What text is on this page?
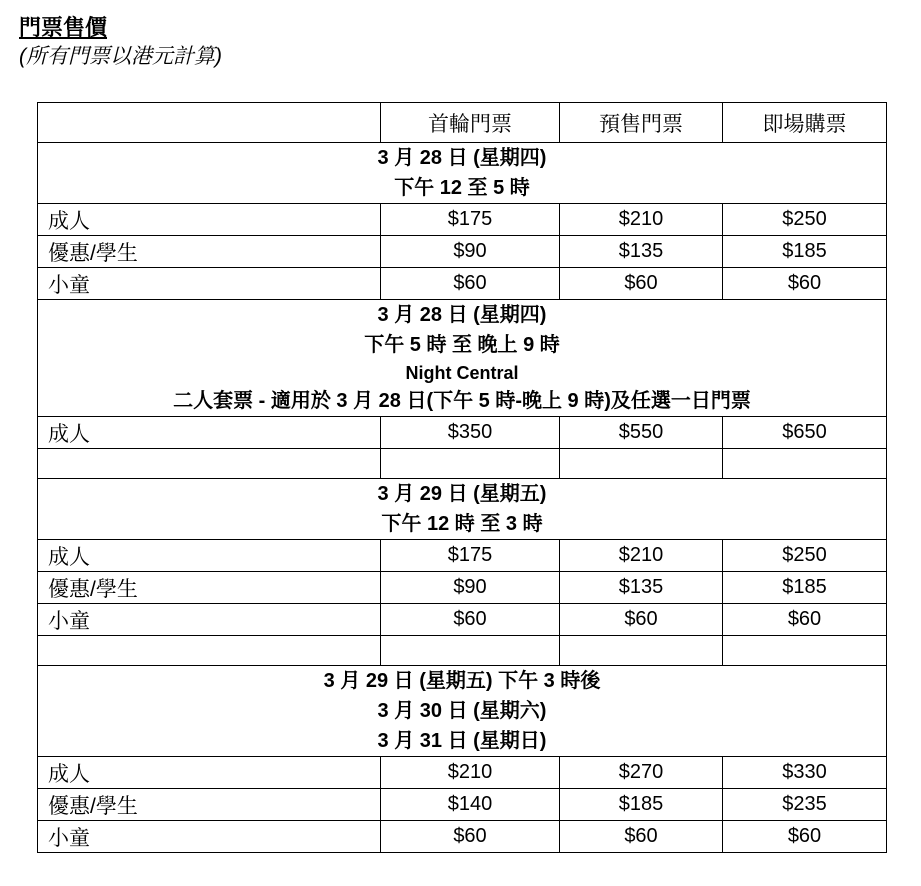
門票售價
(所有門票以港元計算)
	首輪門票	預售門票	即場購票

3 月 28 日 (星期四)
下午 12 至 5 時			

成人	$175	$210	$250
優惠/學生	$90	$135	$185
小童	$60	$60	$60

3 月 28 日 (星期四)
下午 5 時 至 晚上 9 時
Night Central
二人套票 - 適用於 3 月 28 日(下午 5 時-晚上 9 時)及任選一日門票			

成人	$350	$550	$650

3 月 29 日 (星期五)
下午 12 時 至 3 時			

成人	$175	$210	$250
優惠/學生	$90	$135	$185
小童	$60	$60	$60

3 月 29 日 (星期五) 下午 3 時後
3 月 30 日 (星期六)
3 月 31 日 (星期日)			

成人	$210	$270	$330
優惠/學生	$140	$185	$235
小童	$60	$60	$60
